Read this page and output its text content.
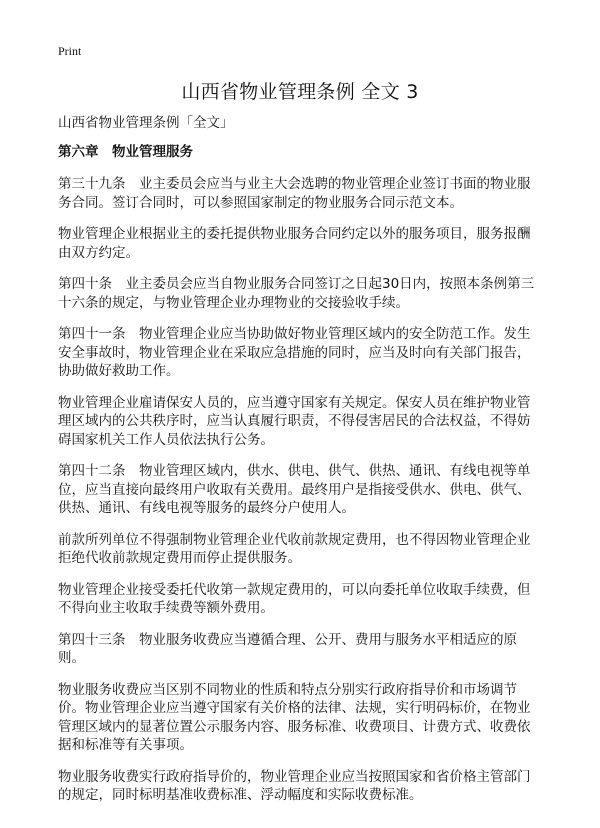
Print
山西省物业管理条例 全文 3
山西省物业管理条例「全文」
第六章　物业管理服务

第三十九条　业主委员会应当与业主大会选聘的物业管理企业签订书面的物业服务合同。签订合同时，可以参照国家制定的物业服务合同示范文本。

物业管理企业根据业主的委托提供物业服务合同约定以外的服务项目，服务报酬由双方约定。

第四十条　业主委员会应当自物业服务合同签订之日起30日内，按照本条例第三十六条的规定，与物业管理企业办理物业的交接验收手续。

第四十一条　物业管理企业应当协助做好物业管理区域内的安全防范工作。发生安全事故时，物业管理企业在采取应急措施的同时，应当及时向有关部门报告，协助做好救助工作。

物业管理企业雇请保安人员的，应当遵守国家有关规定。保安人员在维护物业管理区域内的公共秩序时，应当认真履行职责，不得侵害居民的合法权益，不得妨碍国家机关工作人员依法执行公务。

第四十二条　物业管理区域内，供水、供电、供气、供热、通讯、有线电视等单位，应当直接向最终用户收取有关费用。最终用户是指接受供水、供电、供气、供热、通讯、有线电视等服务的最终分户使用人。

前款所列单位不得强制物业管理企业代收前款规定费用，也不得因物业管理企业拒绝代收前款规定费用而停止提供服务。

物业管理企业接受委托代收第一款规定费用的，可以向委托单位收取手续费，但不得向业主收取手续费等额外费用。

第四十三条　物业服务收费应当遵循合理、公开、费用与服务水平相适应的原则。

物业服务收费应当区别不同物业的性质和特点分别实行政府指导价和市场调节价。物业管理企业应当遵守国家有关价格的法律、法规，实行明码标价，在物业管理区域内的显著位置公示服务内容、服务标准、收费项目、计费方式、收费依据和标准等有关事项。

物业服务收费实行政府指导价的，物业管理企业应当按照国家和省价格主管部门的规定，同时标明基准收费标准、浮动幅度和实际收费标准。
